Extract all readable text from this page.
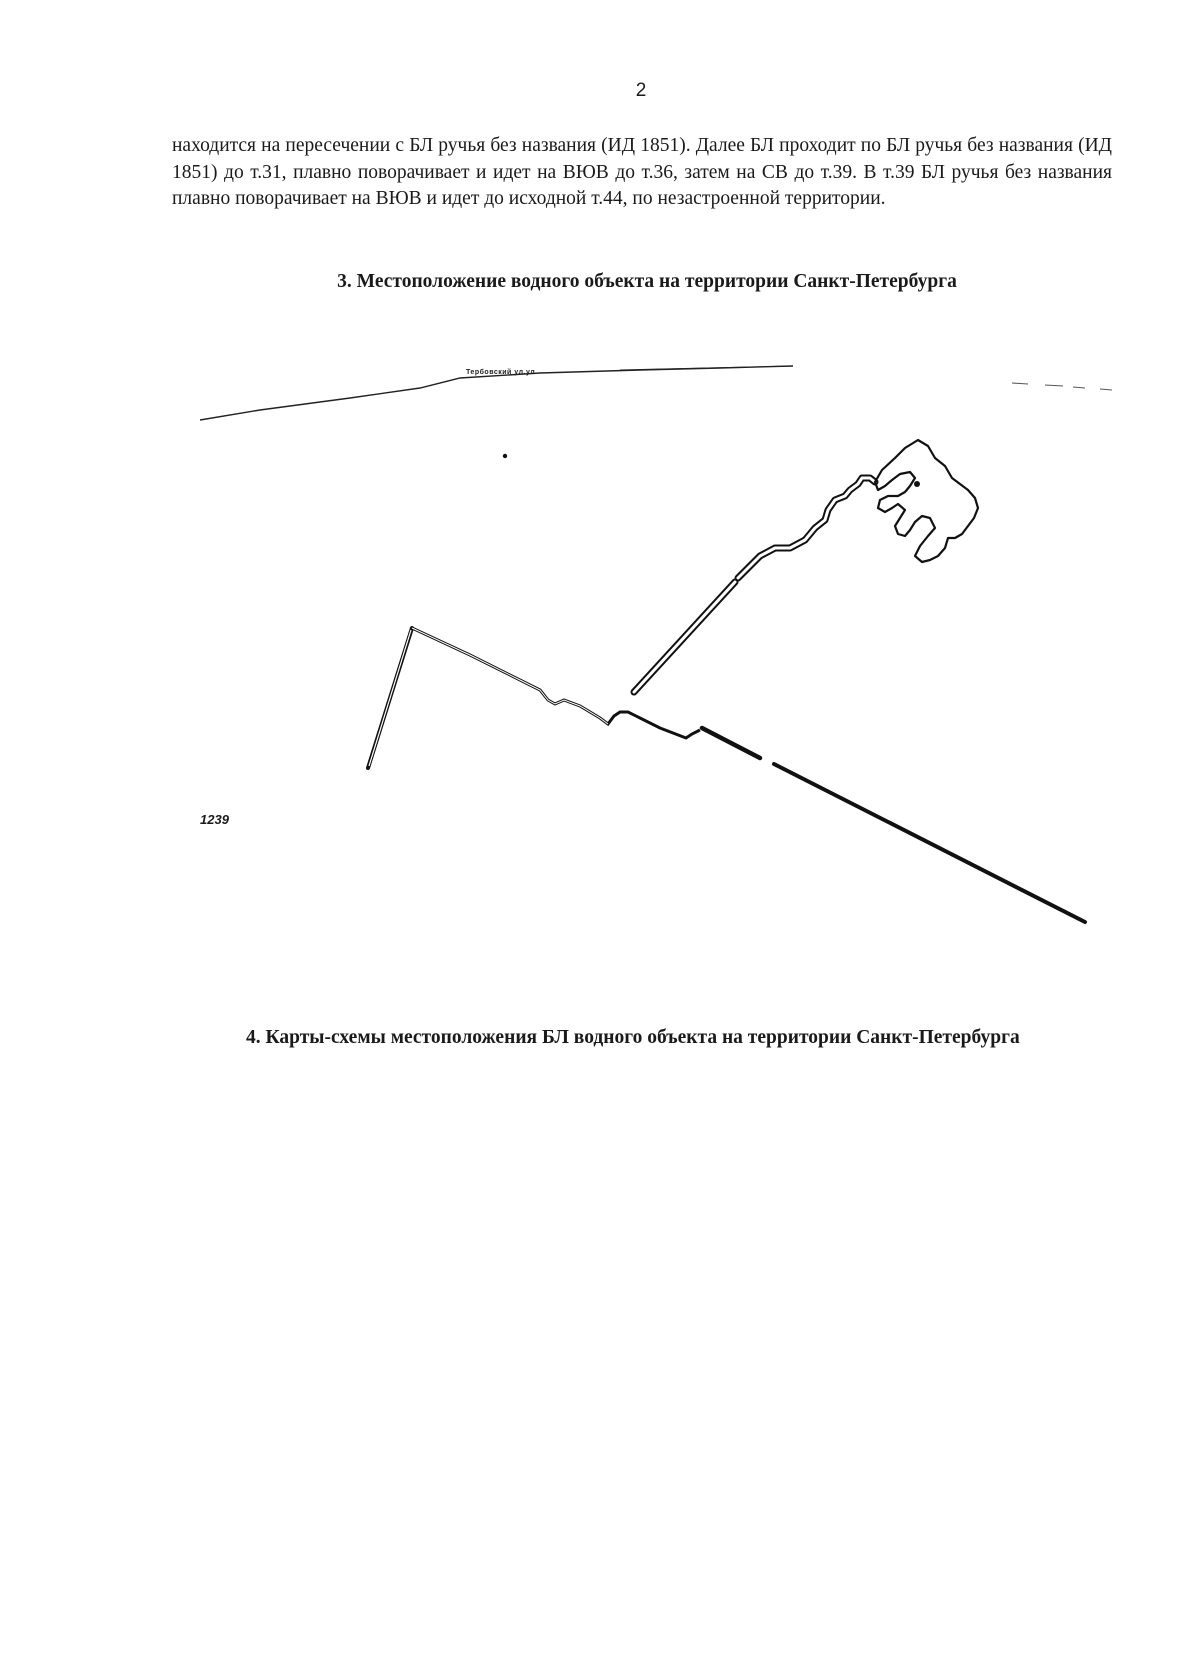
2

находится на пересечении с БЛ ручья без названия (ИД 1851). Далее БЛ проходит по БЛ ручья без названия (ИД 1851) до т.31, плавно поворачивает и идет на ВЮВ до т.36, затем на СВ до т.39. В т.39 БЛ ручья без названия плавно поворачивает на ВЮВ и идет до исходной т.44, по незастроенной территории.

3. Местоположение водного объекта на территории Санкт-Петербурга
Тербовский ул.ул
1239

4. Карты-схемы местоположения БЛ водного объекта на территории Санкт-Петербурга
